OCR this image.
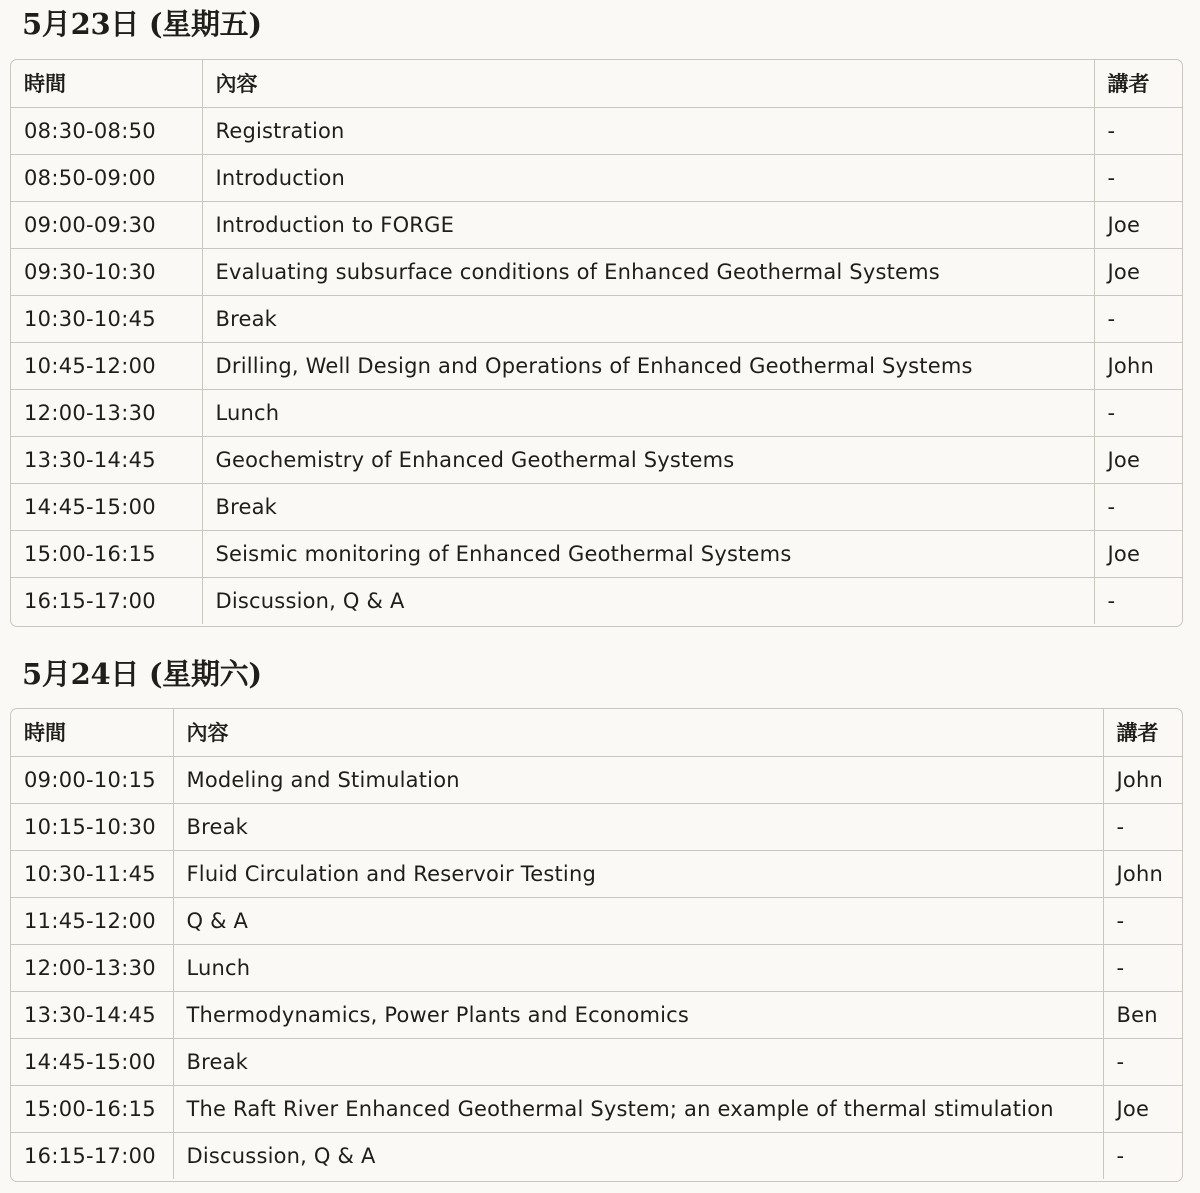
5月23日 (星期五)
時間	內容	講者
08:30-08:50	Registration	-
08:50-09:00	Introduction	-
09:00-09:30	Introduction to FORGE	Joe
09:30-10:30	Evaluating subsurface conditions of Enhanced Geothermal Systems	Joe
10:30-10:45	Break	-
10:45-12:00	Drilling, Well Design and Operations of Enhanced Geothermal Systems	John
12:00-13:30	Lunch	-
13:30-14:45	Geochemistry of Enhanced Geothermal Systems	Joe
14:45-15:00	Break	-
15:00-16:15	Seismic monitoring of Enhanced Geothermal Systems	Joe
16:15-17:00	Discussion, Q & A	-
5月24日 (星期六)
時間	內容	講者
09:00-10:15	Modeling and Stimulation	John
10:15-10:30	Break	-
10:30-11:45	Fluid Circulation and Reservoir Testing	John
11:45-12:00	Q & A	-
12:00-13:30	Lunch	-
13:30-14:45	Thermodynamics, Power Plants and Economics	Ben
14:45-15:00	Break	-
15:00-16:15	The Raft River Enhanced Geothermal System; an example of thermal stimulation	Joe
16:15-17:00	Discussion, Q & A	-
